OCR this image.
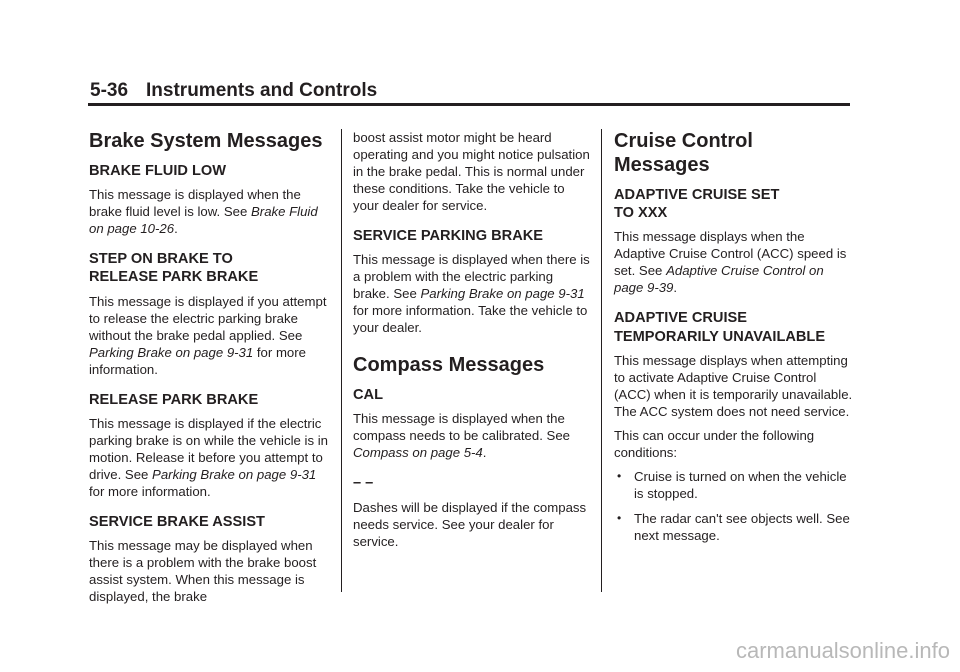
5-36 Instruments and Controls
Brake System Messages
BRAKE FLUID LOW

This message is displayed when the brake fluid level is low. See Brake Fluid on page 10-26.

STEP ON BRAKE TO
RELEASE PARK BRAKE

This message is displayed if you attempt to release the electric parking brake without the brake pedal applied. See Parking Brake on page 9-31 for more information.

RELEASE PARK BRAKE

This message is displayed if the electric parking brake is on while the vehicle is in motion. Release it before you attempt to drive. See Parking Brake on page 9-31 for more information.

SERVICE BRAKE ASSIST

This message may be displayed when there is a problem with the brake boost assist system. When this message is displayed, the brake

boost assist motor might be heard operating and you might notice pulsation in the brake pedal. This is normal under these conditions. Take the vehicle to your dealer for service.

SERVICE PARKING BRAKE

This message is displayed when there is a problem with the electric parking brake. See Parking Brake on page 9-31 for more information. Take the vehicle to your dealer.

Compass Messages
CAL

This message is displayed when the compass needs to be calibrated. See Compass on page 5-4.

– –

Dashes will be displayed if the compass needs service. See your dealer for service.

Cruise Control Messages
ADAPTIVE CRUISE SET
TO XXX

This message displays when the Adaptive Cruise Control (ACC) speed is set. See Adaptive Cruise Control on page 9-39.

ADAPTIVE CRUISE
TEMPORARILY UNAVAILABLE

This message displays when attempting to activate Adaptive Cruise Control (ACC) when it is temporarily unavailable. The ACC system does not need service.

This can occur under the following conditions:

• Cruise is turned on when the vehicle is stopped.
• The radar can't see objects well. See next message.
carmanualsonline.info
